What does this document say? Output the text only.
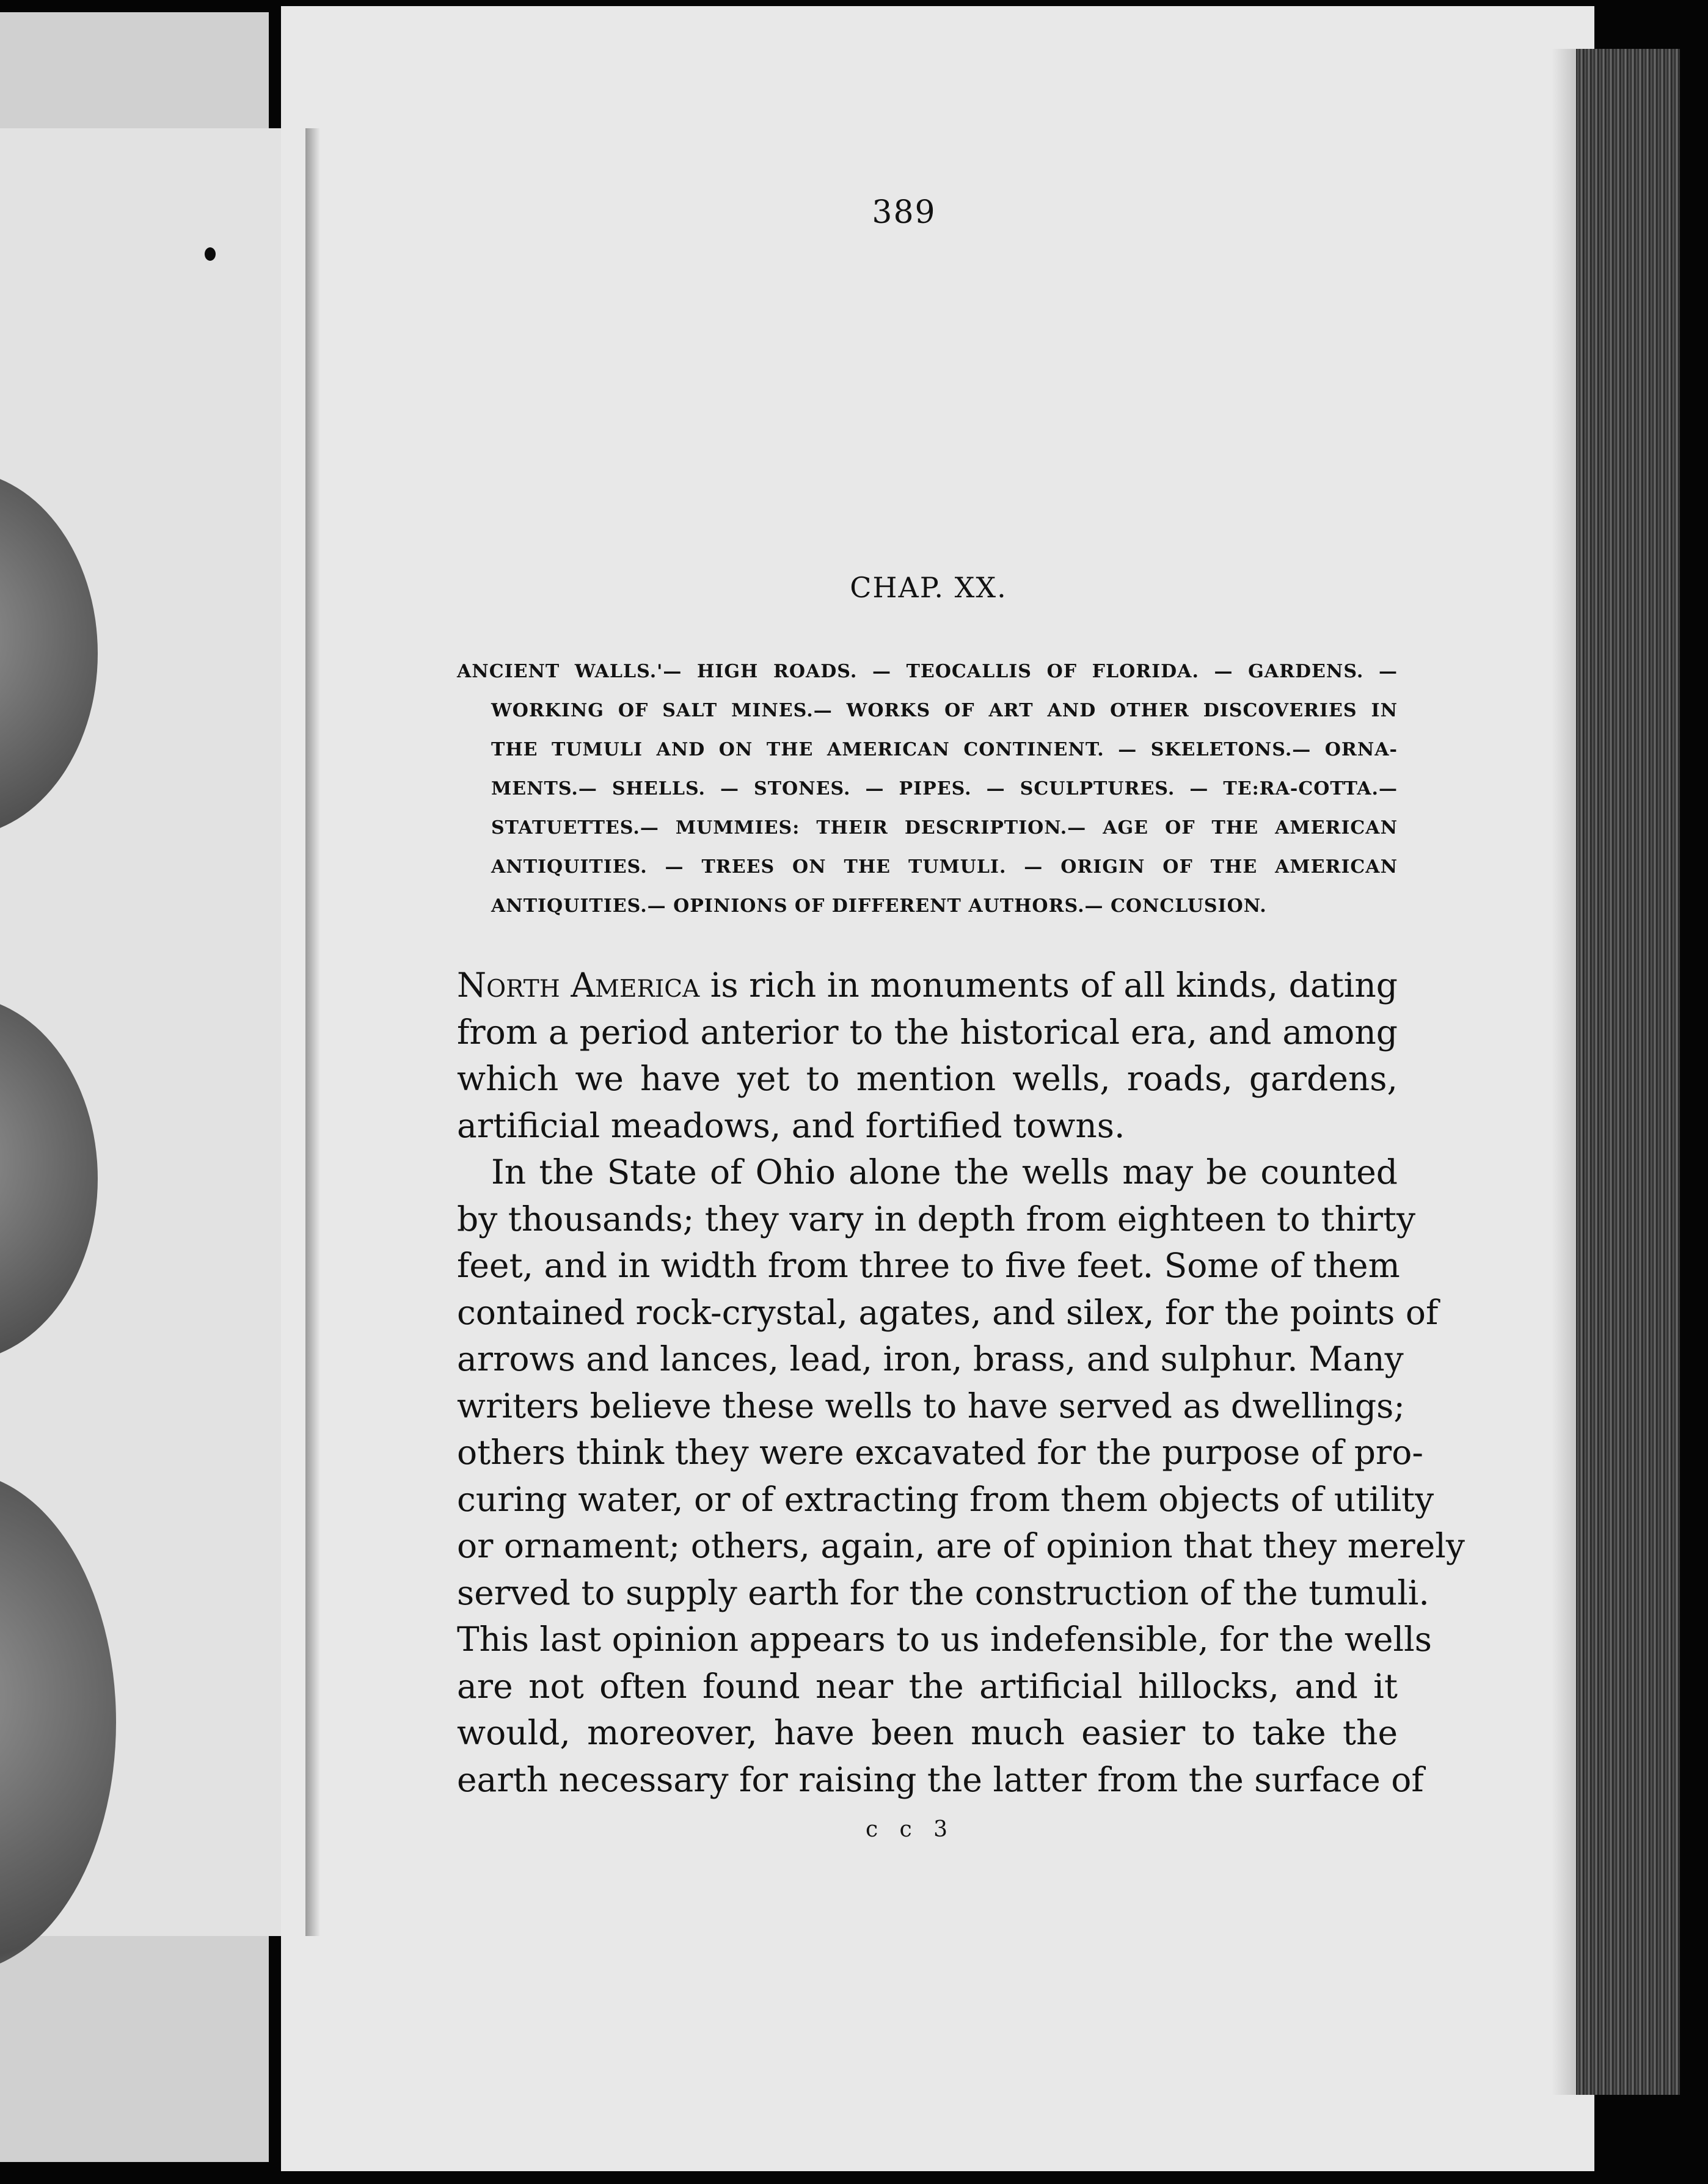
389
CHAP. XX.
ANCIENT WALLS.'— HIGH ROADS. — TEOCALLIS OF FLORIDA. — GARDENS. —
WORKING OF SALT MINES.— WORKS OF ART AND OTHER DISCOVERIES IN
THE TUMULI AND ON THE AMERICAN CONTINENT. — SKELETONS.— ORNA-
MENTS.— SHELLS. — STONES. — PIPES. — SCULPTURES. — TE:RA-COTTA.—
STATUETTES.— MUMMIES: THEIR DESCRIPTION.— AGE OF THE AMERICAN
ANTIQUITIES. — TREES ON THE TUMULI. — ORIGIN OF THE AMERICAN
ANTIQUITIES.— OPINIONS OF DIFFERENT AUTHORS.— CONCLUSION.
North America is rich in monuments of all kinds, dating
from a period anterior to the historical era, and among
which we have yet to mention wells, roads, gardens,
artificial meadows, and fortified towns.
In the State of Ohio alone the wells may be counted
by thousands; they vary in depth from eighteen to thirty
feet, and in width from three to five feet. Some of them
contained rock-crystal, agates, and silex, for the points of
arrows and lances, lead, iron, brass, and sulphur. Many
writers believe these wells to have served as dwellings;
others think they were excavated for the purpose of pro-
curing water, or of extracting from them objects of utility
or ornament; others, again, are of opinion that they merely
served to supply earth for the construction of the tumuli.
This last opinion appears to us indefensible, for the wells
are not often found near the artificial hillocks, and it
would, moreover, have been much easier to take the
earth necessary for raising the latter from the surface of
c c 3
